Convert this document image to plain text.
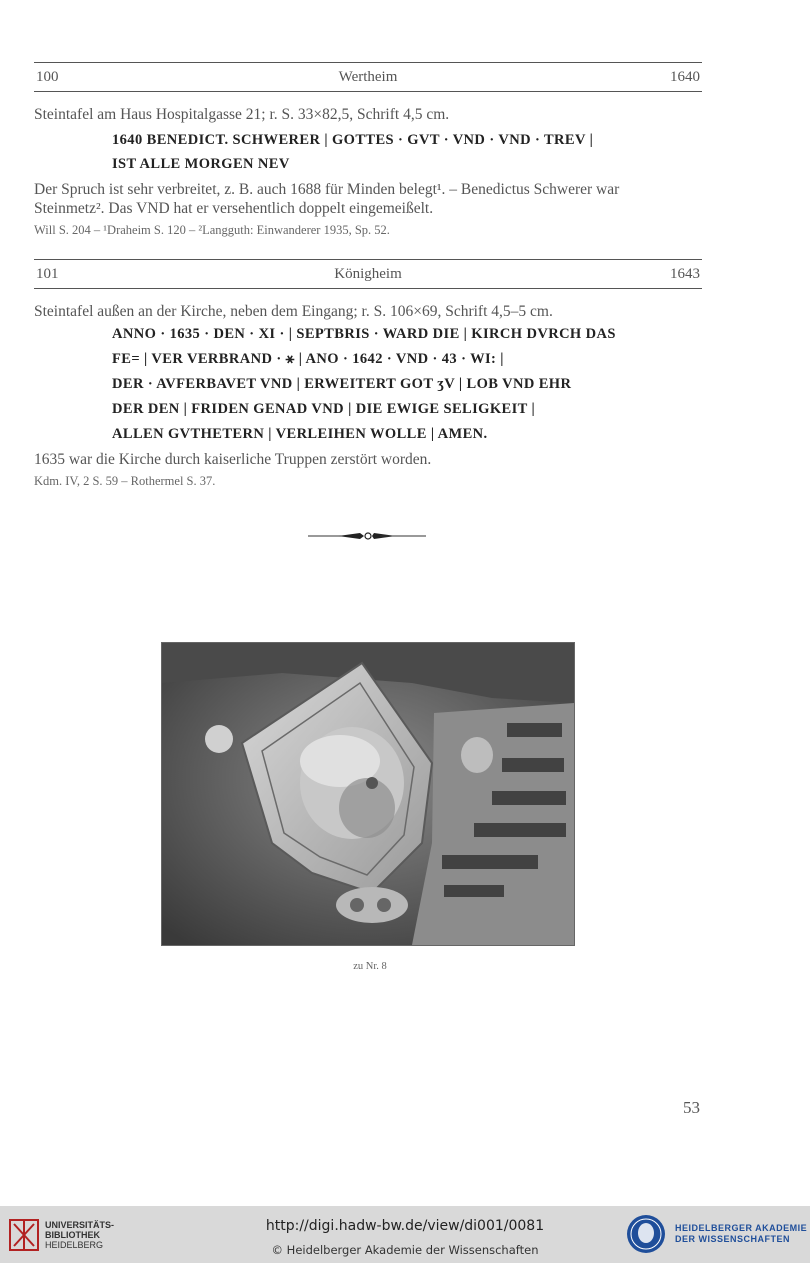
100	Wertheim	1640
Steintafel am Haus Hospitalgasse 21; r. S. 33×82,5, Schrift 4,5 cm.
1640 BENEDICT. SCHWERER | GOTTES · GVT · VND · VND · TREV |
IST ALLE MORGEN NEV
Der Spruch ist sehr verbreitet, z. B. auch 1688 für Minden belegt¹. – Benedictus Schwerer war
Steinmetz². Das VND hat er versehentlich doppelt eingemeißelt.
Will S. 204 – ¹Draheim S. 120 – ²Langguth: Einwanderer 1935, Sp. 52.
101	Königheim	1643
Steintafel außen an der Kirche, neben dem Eingang; r. S. 106×69, Schrift 4,5–5 cm.
ANNO · 1635 · DEN · XI · | SEPTBRIS · WARD DIE | KIRCH DVRCH DAS
FE= | VER VERBRAND · ⚹ | ANO · 1642 · VND · 43 · WI: |
DER · AVFERBAVET VND | ERWEITERT GOT ʒV | LOB VND EHR
DER DEN | FRIDEN GENAD VND | DIE EWIGE SELIGKEIT |
ALLEN GVTHETERN | VERLEIHEN WOLLE | AMEN.
1635 war die Kirche durch kaiserliche Truppen zerstört worden.
Kdm. IV, 2 S. 59 – Rothermel S. 37.
zu Nr. 8
53
UNIVERSITÄTS-
BIBLIOTHEK
HEIDELBERG
http://digi.hadw-bw.de/view/di001/0081
© Heidelberger Akademie der Wissenschaften
HEIDELBERGER AKADEMIE
DER WISSENSCHAFTEN
